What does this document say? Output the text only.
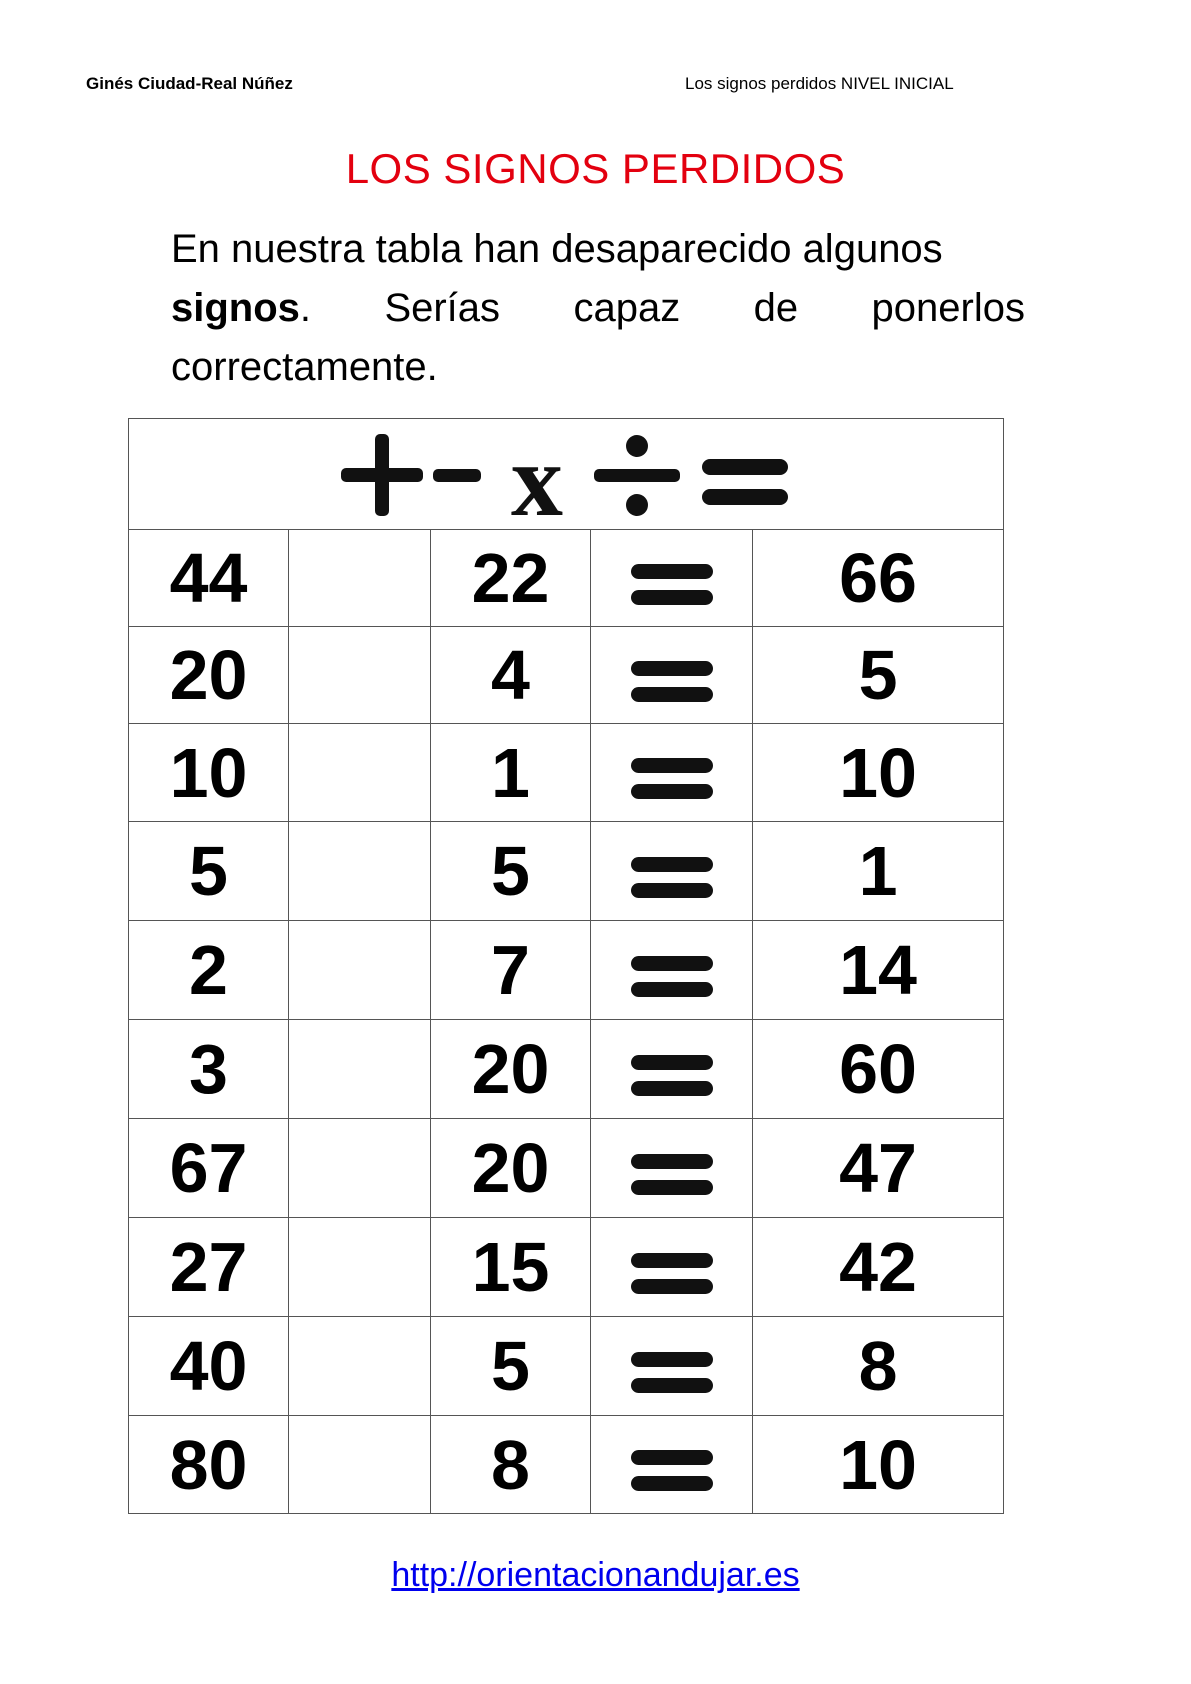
Ginés Ciudad-Real Núñez	Los signos perdidos NIVEL INICIAL
LOS SIGNOS PERDIDOS
En nuestra tabla han desaparecido algunos
signos. Serías capaz de ponerlos
correctamente.
x				

44		22		66
20		4		5
10		1		10
5		5		1
2		7		14
3		20		60
67		20		47
27		15		42
40		5		8
80		8		10
http://orientacionandujar.es
